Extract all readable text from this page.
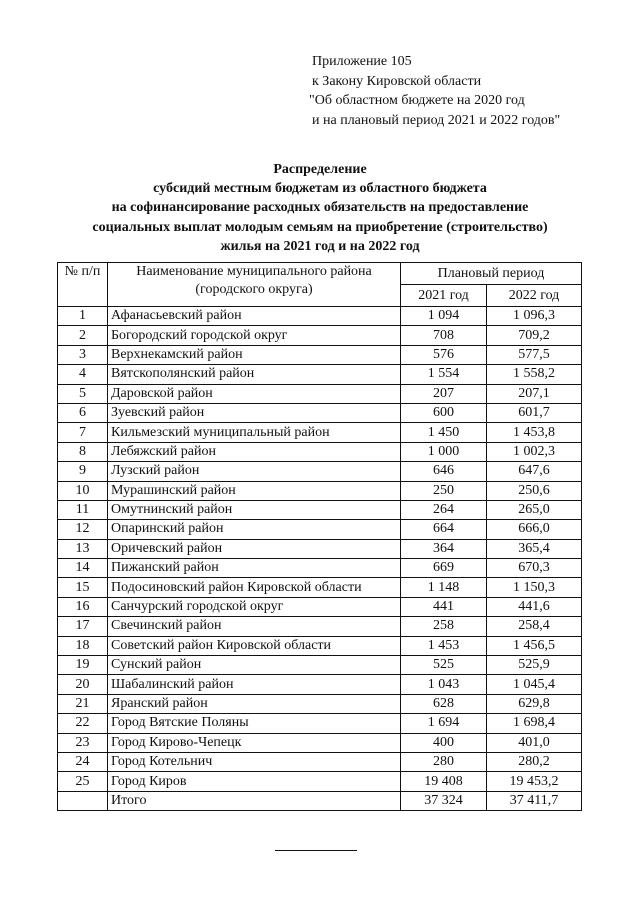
Приложение 105
к Закону Кировской области
"Об областном бюджете на 2020 год
и на плановый период 2021 и 2022 годов"
Распределение
субсидий местным бюджетам из областного бюджета
на софинансирование расходных обязательств на предоставление
социальных выплат молодым семьям на приобретение (строительство)
жилья на 2021 год и на 2022 год
№ п/п	Наименование муниципального района (городского округа)	Плановый период	
		2021 год	2022 год
1	Афанасьевский район	1 094	1 096,3
2	Богородский городской округ	708	709,2
3	Верхнекамский район	576	577,5
4	Вятскополянский район	1 554	1 558,2
5	Даровской район	207	207,1
6	Зуевский район	600	601,7
7	Кильмезский муниципальный район	1 450	1 453,8
8	Лебяжский район	1 000	1 002,3
9	Лузский район	646	647,6
10	Мурашинский район	250	250,6
11	Омутнинский район	264	265,0
12	Опаринский район	664	666,0
13	Оричевский район	364	365,4
14	Пижанский район	669	670,3
15	Подосиновский район Кировской области	1 148	1 150,3
16	Санчурский городской округ	441	441,6
17	Свечинский район	258	258,4
18	Советский район Кировской области	1 453	1 456,5
19	Сунский район	525	525,9
20	Шабалинский район	1 043	1 045,4
21	Яранский район	628	629,8
22	Город Вятские Поляны	1 694	1 698,4
23	Город Кирово-Чепецк	400	401,0
24	Город Котельнич	280	280,2
25	Город Киров	19 408	19 453,2
	Итого	37 324	37 411,7
